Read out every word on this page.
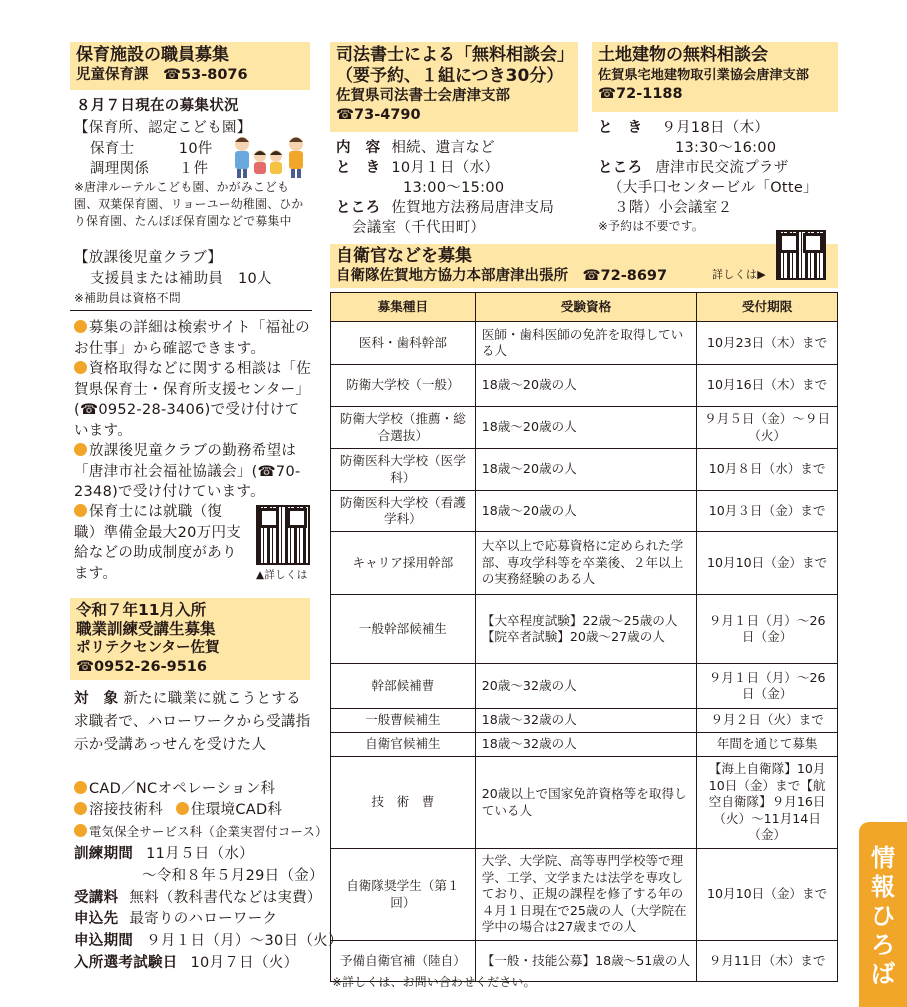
保育施設の職員募集
児童保育課　☎53-8076
８月７日現在の募集状況
【保育所、認定こども園】
保育士　　　10件
調理関係　　１件
※唐津ルーテルこども園、かがみこども園、双葉保育園、リョーユー幼稚園、ひかり保育園、たんぽぽ保育園などで募集中
【放課後児童クラブ】
支援員または補助員　10人
※補助員は資格不問
募集の詳細は検索サイト「福祉のお仕事」から確認できます。
資格取得などに関する相談は「佐賀県保育士・保育所支援センター」(☎0952-28-3406)で受け付けています。
放課後児童クラブの勤務希望は「唐津市社会福祉協議会」(☎70-2348)で受け付けています。
保育士には就職（復職）準備金最大20万円支給などの助成制度があります。	▲詳しくは
令和７年11月入所
職業訓練受講生募集
ポリテクセンター佐賀
☎0952-26-9516
対　象 新たに職業に就こうとする求職者で、ハローワークから受講指示か受講あっせんを受けた人
CAD／NCオペレーション科
溶接技術科 住環境CAD科
電気保全サービス科（企業実習付コース）
訓練期間 11月５日（水）
～令和８年５月29日（金）
受講料 無料（教科書代などは実費）
申込先 最寄りのハローワーク
申込期間 ９月１日（月）～30日（火）
入所選考試験日 10月７日（火）
司法書士による「無料相談会」
（要予約、１組につき30分）
佐賀県司法書士会唐津支部
☎73-4790
内　容 相続、遺言など
と　き 10月１日（水）
13:00～15:00
ところ 佐賀地方法務局唐津支局
会議室（千代田町）
土地建物の無料相談会
佐賀県宅地建物取引業協会唐津支部
☎72-1188
と　き ９月18日（木）
13:30～16:00
ところ 唐津市民交流プラザ
（大手口センタービル「Otte」
３階）小会議室２
※予約は不要です。
自衛官などを募集
自衛隊佐賀地方協力本部唐津出張所　☎72-8697	詳しくは▶
募集種目	受験資格	受付期限
医科・歯科幹部	医師・歯科医師の免許を取得している人	10月23日（木）まで
防衛大学校（一般）	18歳～20歳の人	10月16日（木）まで
防衛大学校（推薦・総合選抜）	18歳～20歳の人	９月５日（金）～９日（火）
防衛医科大学校（医学科）	18歳～20歳の人	10月８日（水）まで
防衛医科大学校（看護学科）	18歳～20歳の人	10月３日（金）まで
キャリア採用幹部	大卒以上で応募資格に定められた学部、専攻学科等を卒業後、２年以上の実務経験のある人	10月10日（金）まで
一般幹部候補生	【大卒程度試験】22歳～25歳の人【院卒者試験】20歳～27歳の人	９月１日（月）～26日（金）
幹部候補曹	20歳～32歳の人	９月１日（月）～26日（金）
一般曹候補生	18歳～32歳の人	９月２日（火）まで
自衛官候補生	18歳～32歳の人	年間を通じて募集
技　術　曹	20歳以上で国家免許資格等を取得している人	【海上自衛隊】10月10日（金）まで【航空自衛隊】９月16日（火）～11月14日（金）
自衛隊奨学生（第１回）	大学、大学院、高等専門学校等で理学、工学、文学または法学を専攻しており、正規の課程を修了する年の４月１日現在で25歳の人（大学院在学中の場合は27歳までの人	10月10日（金）まで
予備自衛官補（陸自）	【一般・技能公募】18歳～51歳の人	９月11日（木）まで
※詳しくは、お問い合わせください。
情報ひろば
